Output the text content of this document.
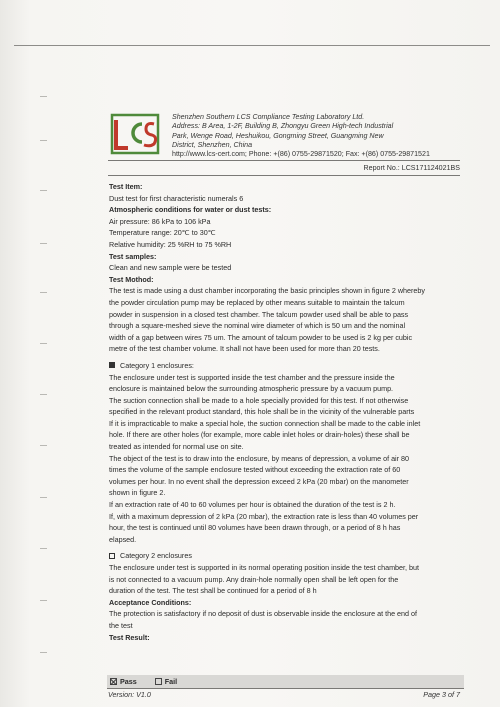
Shenzhen Southern LCS Compliance Testing Laboratory Ltd.
Address: B Area, 1-2F, Building B, Zhongyu Green High-tech Industrial
Park, Wenge Road, Heshuikou, Gongming Street, Guangming New
District, Shenzhen, China
http://www.lcs-cert.com; Phone: +(86) 0755-29871520; Fax: +(86) 0755-29871521
Report No.: LCS171124021BS
Test Item:
Dust test for first characteristic numerals 6
Atmospheric conditions for water or dust tests:
Air pressure: 86 kPa to 106 kPa
Temperature range: 20℃ to 30℃
Relative humidity: 25 %RH to 75 %RH
Test samples:
Clean and new sample were be tested
Test Mothod:
The test is made using a dust chamber incorporating the basic principles shown in figure 2 whereby
the powder circulation pump may be replaced by other means suitable to maintain the talcum
powder in suspension in a closed test chamber. The talcum powder used shall be able to pass
through a square-meshed sieve the nominal wire diameter of which is 50 um and the nominal
width of a gap between wires 75 um. The amount of talcum powder to be used is 2 kg per cubic
metre of the test chamber volume. It shall not have been used for more than 20 tests.
Category 1 enclosures:
The enclosure under test is supported inside the test chamber and the pressure inside the
enclosure is maintained below the surrounding atmospheric pressure by a vacuum pump.
The suction connection shall be made to a hole specially provided for this test. If not otherwise
specified in the relevant product standard, this hole shall be in the vicinity of the vulnerable parts
If it is impracticable to make a special hole, the suction connection shall be made to the cable inlet
hole. If there are other holes (for example, more cable inlet holes or drain-holes) these shall be
treated as intended for normal use on site.
The object of the test is to draw into the enclosure, by means of depression, a volume of air 80
times the volume of the sample enclosure tested without exceeding the extraction rate of 60
volumes per hour. In no event shall the depression exceed 2 kPa (20 mbar) on the manometer
shown in figure 2.
If an extraction rate of 40 to 60 volumes per hour is obtained the duration of the test is 2 h.
If, with a maximum depression of 2 kPa (20 mbar), the extraction rate is less than 40 volumes per
hour, the test is continued until 80 volumes have been drawn through, or a period of 8 h has
elapsed.
Category 2 enclosures
The enclosure under test is supported in its normal operating position inside the test chamber, but
is not connected to a vacuum pump. Any drain-hole normally open shall be left open for the
duration of the test. The test shall be continued for a period of 8 h
Acceptance Conditions:
The protection is satisfactory if no deposit of dust is observable inside the enclosure at the end of
the test
Test Result:
Pass	Fail
Version: V1.0	Page 3 of 7
